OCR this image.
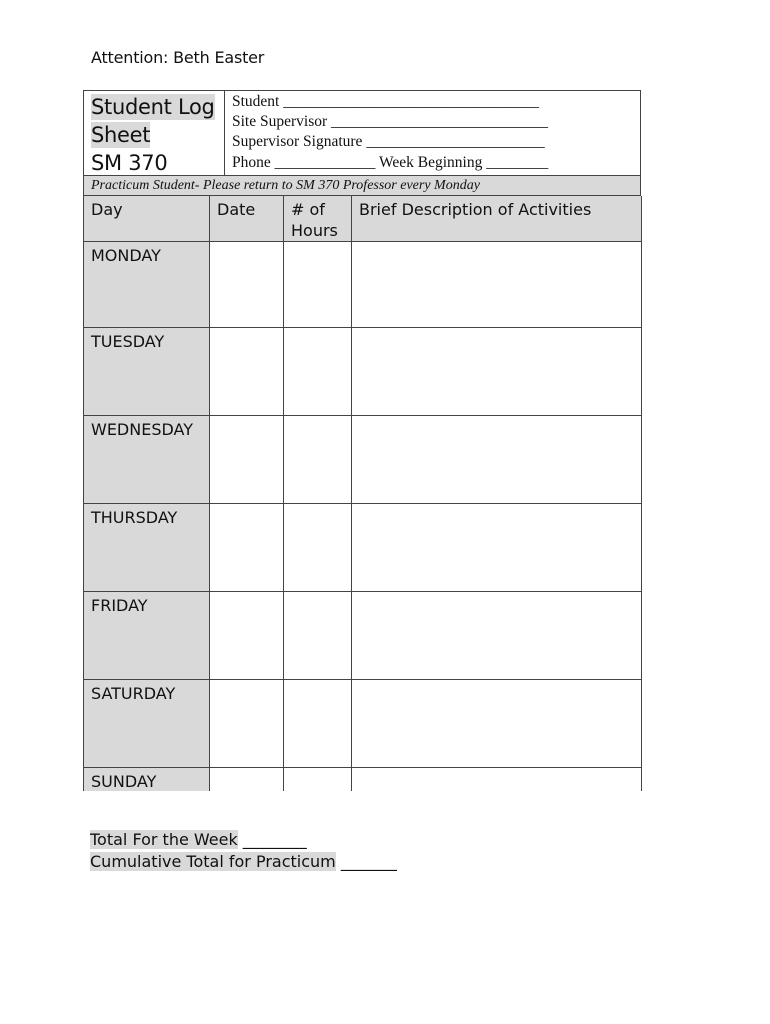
Attention: Beth Easter
Student Log
Sheet
SM 370
Student _________________________________
Site Supervisor ____________________________
Supervisor Signature _______________________
Phone _____________ Week Beginning ________
Practicum Student- Please return to SM 370 Professor every Monday
Day	Date	# of Hours	Brief Description of Activities
MONDAY			
TUESDAY			
WEDNESDAY			
THURSDAY			
FRIDAY			
SATURDAY			
SUNDAY			
Total For the Week ________
Cumulative Total for Practicum _______
